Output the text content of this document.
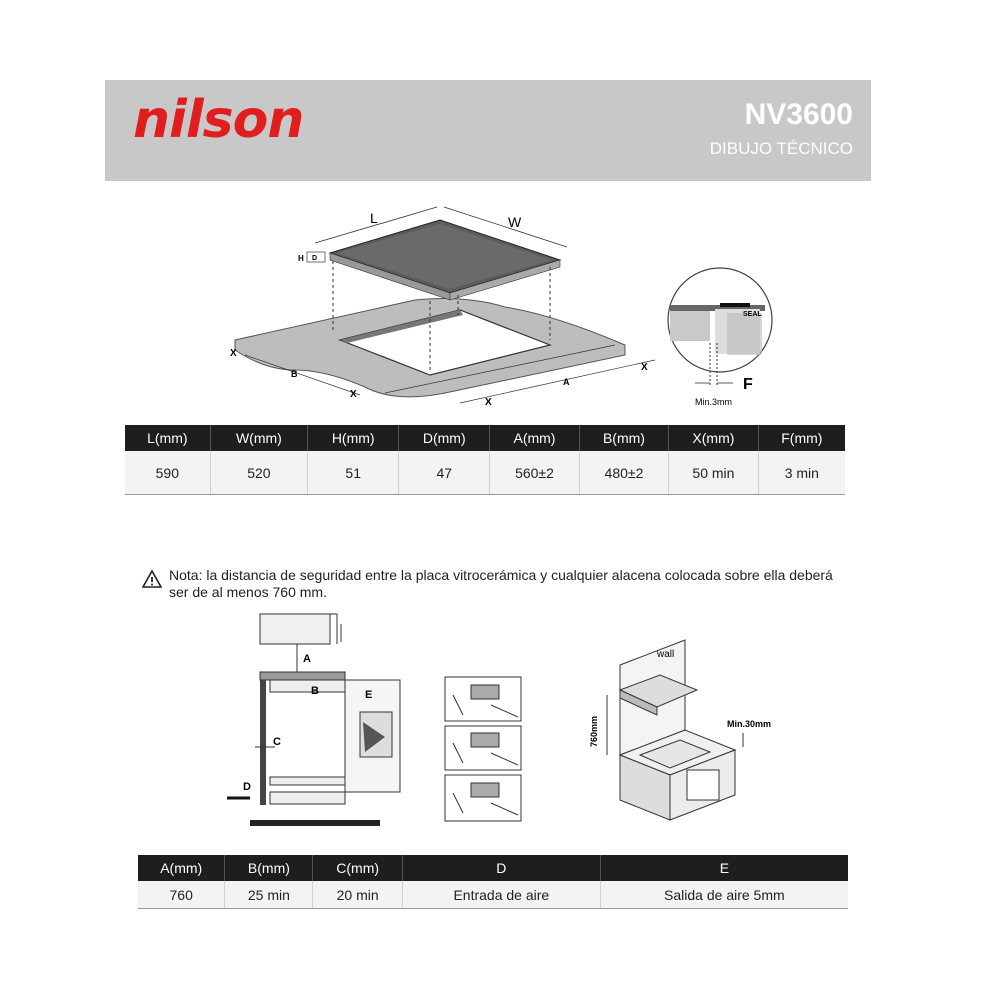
nilson	NV3600
DIBUJO TÉCNICO
L	W
H D
B
A
X
X
X
X
SEAL
F
Min.3mm
L(mm)	W(mm)	H(mm)	D(mm)	A(mm)	B(mm)	X(mm)	F(mm)
590	520	51	47	560±2	480±2	50 min	3 min
Nota: la distancia de seguridad entre la placa vitrocerámica y cualquier alacena colocada sobre ella deberá ser de al menos 760 mm.
A
B	E
C
D
wall
760mm	Min.30mm
A(mm)	B(mm)	C(mm)	D	E
760	25 min	20 min	Entrada de aire	Salida de aire 5mm
